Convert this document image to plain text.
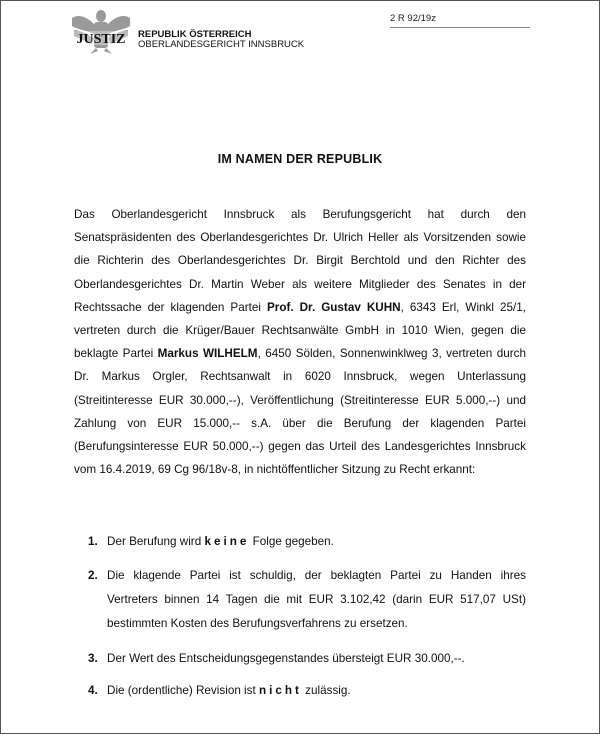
JUSTIZ REPUBLIK ÖSTERREICH
OBERLANDESGERICHT INNSBRUCK
2 R 92/19z
IM NAMEN DER REPUBLIK
Das Oberlandesgericht Innsbruck als Berufungsgericht hat durch den
Senatspräsidenten des Oberlandesgerichtes Dr. Ulrich Heller als Vorsitzenden sowie
die Richterin des Oberlandesgerichtes Dr. Birgit Berchtold und den Richter des
Oberlandesgerichtes Dr. Martin Weber als weitere Mitglieder des Senates in der
Rechtssache der klagenden Partei Prof. Dr. Gustav KUHN, 6343 Erl, Winkl 25/1,
vertreten durch die Krüger/Bauer Rechtsanwälte GmbH in 1010 Wien, gegen die
beklagte Partei Markus WILHELM, 6450 Sölden, Sonnenwinklweg 3, vertreten durch
Dr. Markus Orgler, Rechtsanwalt in 6020 Innsbruck, wegen Unterlassung
(Streitinteresse EUR 30.000,--), Veröffentlichung (Streitinteresse EUR 5.000,--) und
Zahlung von EUR 15.000,-- s.A. über die Berufung der klagenden Partei
(Berufungsinteresse EUR 50.000,--) gegen das Urteil des Landesgerichtes Innsbruck
vom 16.4.2019, 69 Cg 96/18v-8, in nichtöffentlicher Sitzung zu Recht erkannt:
1. Der Berufung wird keine Folge gegeben.
2. Die klagende Partei ist schuldig, der beklagten Partei zu Handen ihres
Vertreters binnen 14 Tagen die mit EUR 3.102,42 (darin EUR 517,07 USt)
bestimmten Kosten des Berufungsverfahrens zu ersetzen.
3. Der Wert des Entscheidungsgegenstandes übersteigt EUR 30.000,--.
4. Die (ordentliche) Revision ist nicht zulässig.
